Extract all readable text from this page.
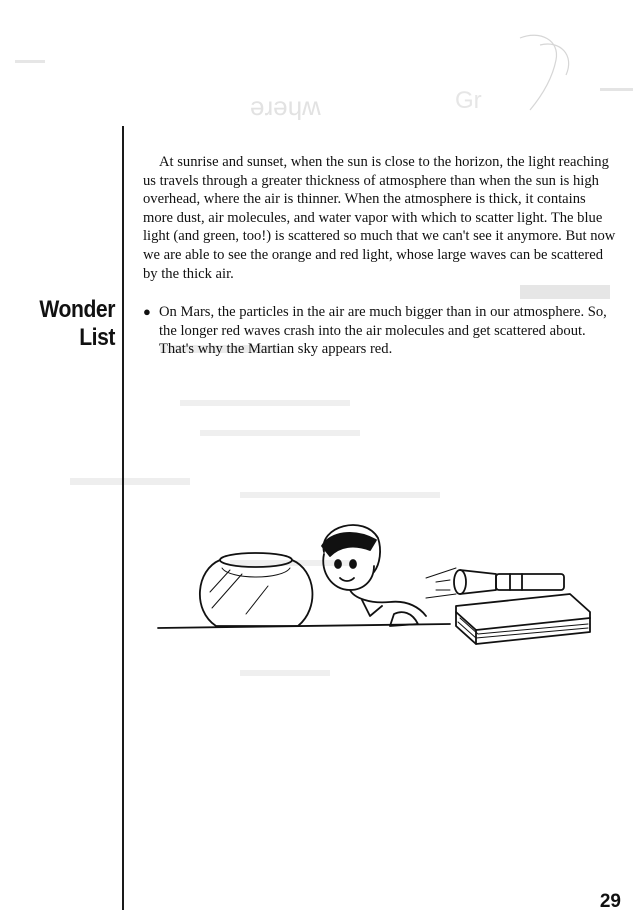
ǝɹǝɥʍ	Gr

At sunrise and sunset, when the sun is close to the horizon, the light reaching us travels through a greater thickness of atmosphere than when the sun is high overhead, where the air is thinner. When the atmosphere is thick, it contains more dust, air molecules, and water vapor with which to scatter light. The blue light (and green, too!) is scattered so much that we can't see it anymore. But now we are able to see the orange and red light, whose large waves can be scattered by the thick air.

Wonder
List
● On Mars, the particles in the air are much bigger than in our atmosphere. So, the longer red waves crash into the air molecules and get scattered about. That's why the Martian sky appears red.
29
